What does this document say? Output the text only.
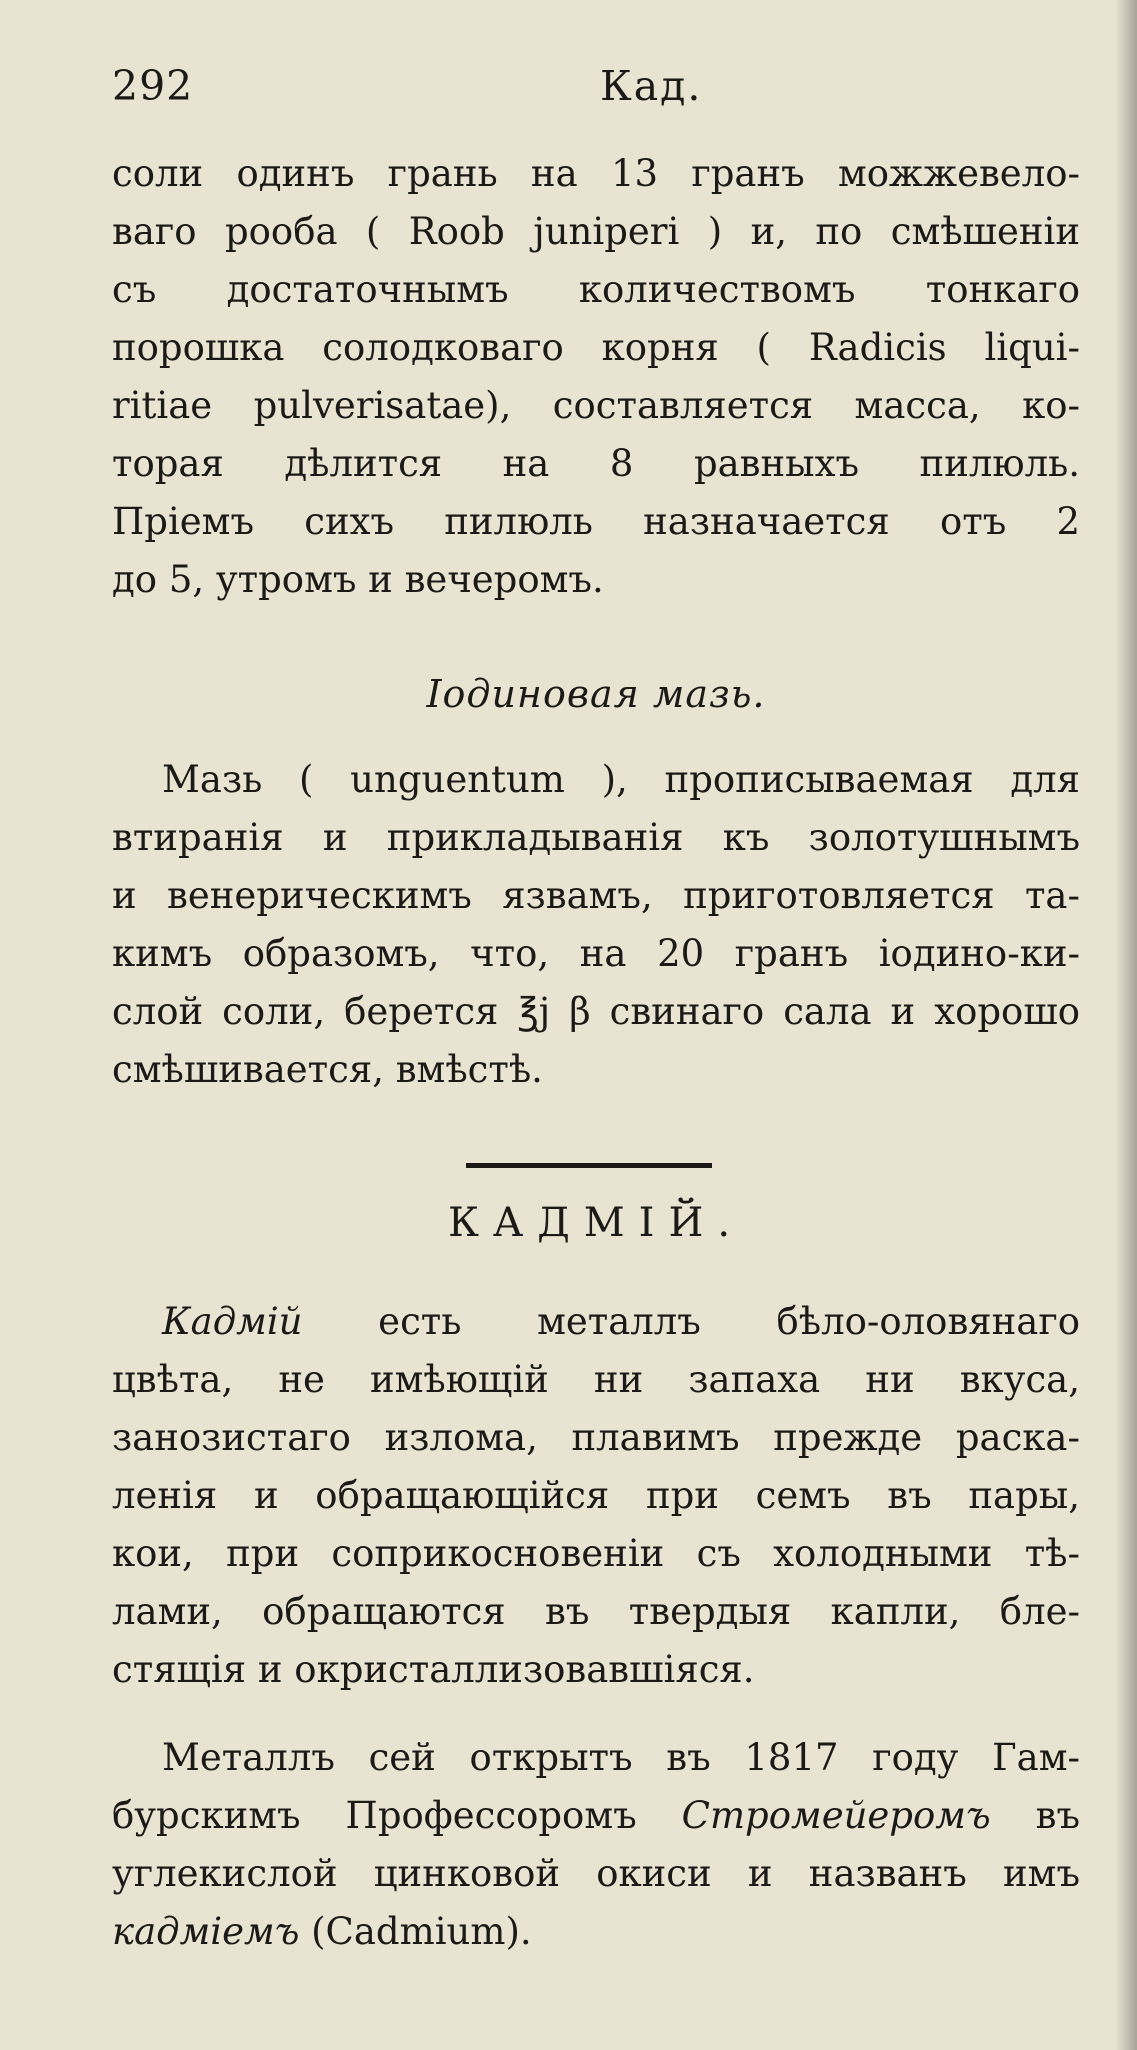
292	Кад.
соли одинъ грань на 13 гранъ можжевело-
ваго рооба ( Roob juniperi ) и, по смѣшеніи
съ достаточнымъ количествомъ тонкаго
порошка солодковаго корня ( Radicis liqui-
ritiae pulverisatae), составляется масса, ко-
торая дѣлится на 8 равныхъ пилюль.
Пріемъ сихъ пилюль назначается отъ 2
до 5, утромъ и вечеромъ.
Іодиновая мазь.
Мазь ( unguentum ), прописываемая для
втиранія и прикладыванія къ золотушнымъ
и венерическимъ язвамъ, приготовляется та-
кимъ образомъ, что, на 20 гранъ іодино-ки-
слой соли, берется ℥j β свинаго сала и хорошо
смѣшивается, вмѣстѣ.
КАДМІЙ.
Кадмій есть металлъ бѣло-оловянаго
цвѣта, не имѣющій ни запаха ни вкуса,
занозистаго излома, плавимъ прежде раска-
ленія и обращающійся при семъ въ пары,
кои, при соприкосновеніи съ холодными тѣ-
лами, обращаются въ твердыя капли, бле-
стящія и окристаллизовавшіяся.
Металлъ сей открытъ въ 1817 году Гам-
бурскимъ Профессоромъ Стромейеромъ въ
углекислой цинковой окиси и названъ имъ
кадміемъ (Cadmium).
